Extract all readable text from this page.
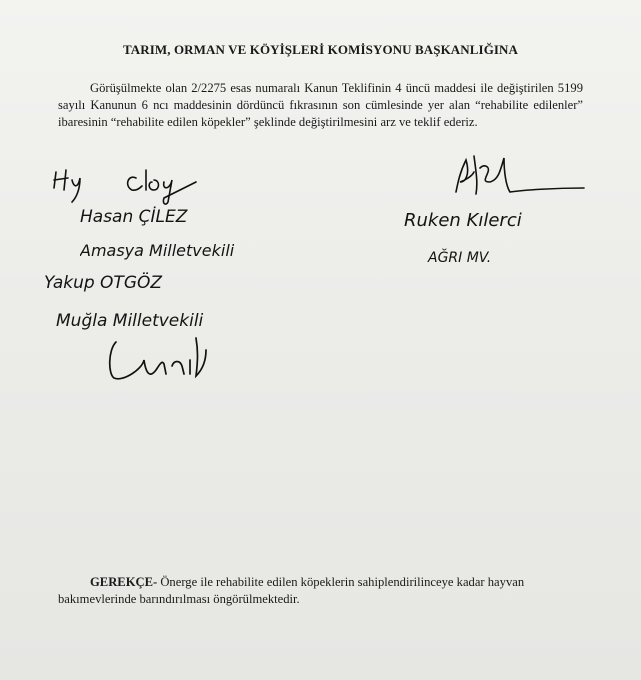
TARIM, ORMAN VE KÖYİŞLERİ KOMİSYONU BAŞKANLIĞINA

Görüşülmekte olan 2/2275 esas numaralı Kanun Teklifinin 4 üncü maddesi ile değiştirilen 5199 sayılı Kanunun 6 ncı maddesinin dördüncü fıkrasının son cümlesinde yer alan “rehabilite edilenler” ibaresinin “rehabilite edilen köpekler” şeklinde değiştirilmesini arz ve teklif ederiz.

Hasan ÇİLEZ
Amasya Milletvekili
Yakup OTGÖZ
Muğla Milletvekili
Ruken Kılerci
AĞRI MV.

GEREKÇE- Önerge ile rehabilite edilen köpeklerin sahiplendirilinceye kadar hayvan bakımevlerinde barındırılması öngörülmektedir.
